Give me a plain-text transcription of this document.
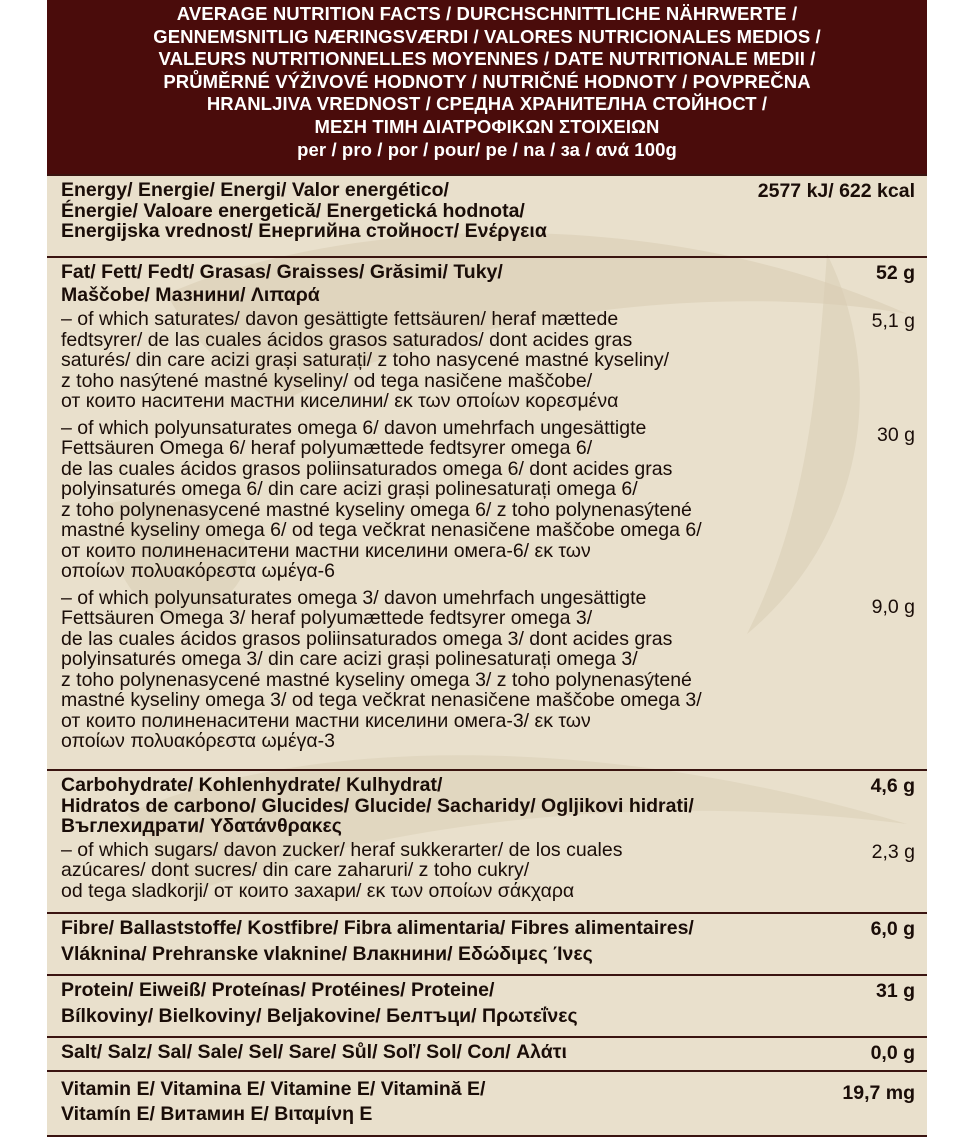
AVERAGE NUTRITION FACTS / DURCHSCHNITTLICHE NÄHRWERTE /
GENNEMSNITLIG NÆRINGSVÆRDI / VALORES NUTRICIONALES MEDIOS /
VALEURS NUTRITIONNELLES MOYENNES / DATE NUTRITIONALE MEDII /
PRŮMĚRNÉ VÝŽIVOVÉ HODNOTY / NUTRIČNÉ HODNOTY / POVPREČNA
HRANLJIVA VREDNOST / СРЕДНА ХРАНИТЕЛНА СТОЙНОСТ /
ΜΕΣΗ ΤΙΜΗ ΔΙΑΤΡΟΦΙΚΩΝ ΣΤΟΙΧΕΙΩΝ
per / pro / por / pour/ pe / na / за / ανά 100g
Energy/ Energie/ Energi/ Valor energético/
Énergie/ Valoare energetică/ Energetická hodnota/
Energijska vrednost/ Енергийна стойност/ Ενέργεια
2577 kJ/ 622 kcal
Fat/ Fett/ Fedt/ Grasas/ Graisses/ Grăsimi/ Tuky/
Maščobe/ Мазнини/ Λιπαρά
– of which saturates/ davon gesättigte fettsäuren/ heraf mættede
fedtsyrer/ de las cuales ácidos grasos saturados/ dont acides gras
saturés/ din care acizi grași saturați/ z toho nasycené mastné kyseliny/
z toho nasýtené mastné kyseliny/ od tega nasičene maščobe/
от които наситени мастни киселини/ εκ των οποίων κορεσμένα
– of which polyunsaturates omega 6/ davon umehrfach ungesättigte
Fettsäuren Omega 6/ heraf polyumættede fedtsyrer omega 6/
de las cuales ácidos grasos poliinsaturados omega 6/ dont acides gras
polyinsaturés omega 6/ din care acizi grași polinesaturați omega 6/
z toho polynenasycené mastné kyseliny omega 6/ z toho polynenasýtené
mastné kyseliny omega 6/ od tega večkrat nenasičene maščobe omega 6/
от които полиненаситени мастни киселини омега-6/ εκ των
οποίων πολυακόρεστα ωμέγα-6
– of which polyunsaturates omega 3/ davon umehrfach ungesättigte
Fettsäuren Omega 3/ heraf polyumættede fedtsyrer omega 3/
de las cuales ácidos grasos poliinsaturados omega 3/ dont acides gras
polyinsaturés omega 3/ din care acizi grași polinesaturați omega 3/
z toho polynenasycené mastné kyseliny omega 3/ z toho polynenasýtené
mastné kyseliny omega 3/ od tega večkrat nenasičene maščobe omega 3/
от които полиненаситени мастни киселини омега-3/ εκ των
οποίων πολυακόρεστα ωμέγα-3
52 g
5,1 g
30 g
9,0 g
Carbohydrate/ Kohlenhydrate/ Kulhydrat/
Hidratos de carbono/ Glucides/ Glucide/ Sacharidy/ Ogljikovi hidrati/
Въглехидрати/ Υδατάνθρακες
– of which sugars/ davon zucker/ heraf sukkerarter/ de los cuales
azúcares/ dont sucres/ din care zaharuri/ z toho cukry/
od tega sladkorji/ от които захари/ εκ των οποίων σάκχαρα
4,6 g
2,3 g
Fibre/ Ballaststoffe/ Kostfibre/ Fibra alimentaria/ Fibres alimentaires/
Vláknina/ Prehranske vlaknine/ Влакнини/ Εδώδιμες Ίνες
6,0 g
Protein/ Eiweiß/ Proteínas/ Protéines/ Proteine/
Bílkoviny/ Bielkoviny/ Beljakovine/ Белтъци/ Πρωτεΐνες
31 g
Salt/ Salz/ Sal/ Sale/ Sel/ Sare/ Sůl/ Soľ/ Sol/ Сол/ Αλάτι	0,0 g
Vitamin E/ Vitamina E/ Vitamine E/ Vitamină E/
Vitamín E/ Витамин E/ Βιταμίνη Ε
19,7 mg
